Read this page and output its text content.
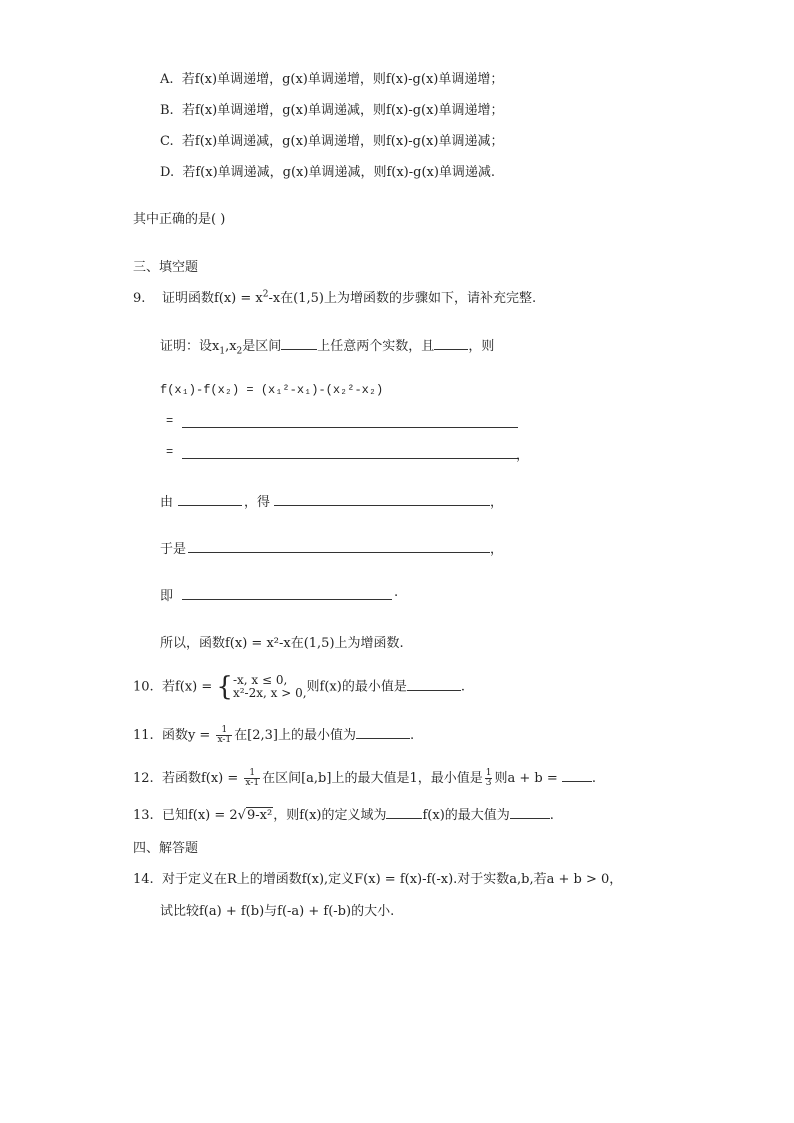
A. 若f(x)单调递增，g(x)单调递增，则f(x)-g(x)单调递增；
B. 若f(x)单调递增，g(x)单调递减，则f(x)-g(x)单调递增；
C. 若f(x)单调递减，g(x)单调递增，则f(x)-g(x)单调递减；
D. 若f(x)单调递减，g(x)单调递减，则f(x)-g(x)单调递减.
其中正确的是( )
三、填空题
9. 证明函数$f(x) = x^2-x$在(1,5)上为增函数的步骤如下，请补充完整.
证明：设$x_1,x_2$是区间	上任意两个实数，且	，则
f(x₁)-f(x₂) = (x₁²-x₁)-(x₂²-x₂)
=
=	，
由	，得	，
于是	，
即	.
所以，函数f(x) = x²-x在(1,5)上为增函数.
10. 若f(x) = { -x, x ≤ 0,
x²-2x, x > 0, 则f(x)的最小值是	.
11. 函数$y = \frac{1}{x-1}$ 在[2,3]上的最小值为	.
12. 若函数$f(x) = \frac{1}{x-1}$ 在区间[a,b]上的最大值是1，最小值是 $\frac{1}{3}$ 则a + b = .
13. 已知f(x) = 2√9-x²，则f(x)的定义域为	f(x)的最大值为	.
四、解答题
14. 对于定义在R上的增函数f(x),定义F(x) = f(x)-f(-x).对于实数a,b,若a + b > 0，
试比较f(a) + f(b)与f(-a) + f(-b)的大小.
